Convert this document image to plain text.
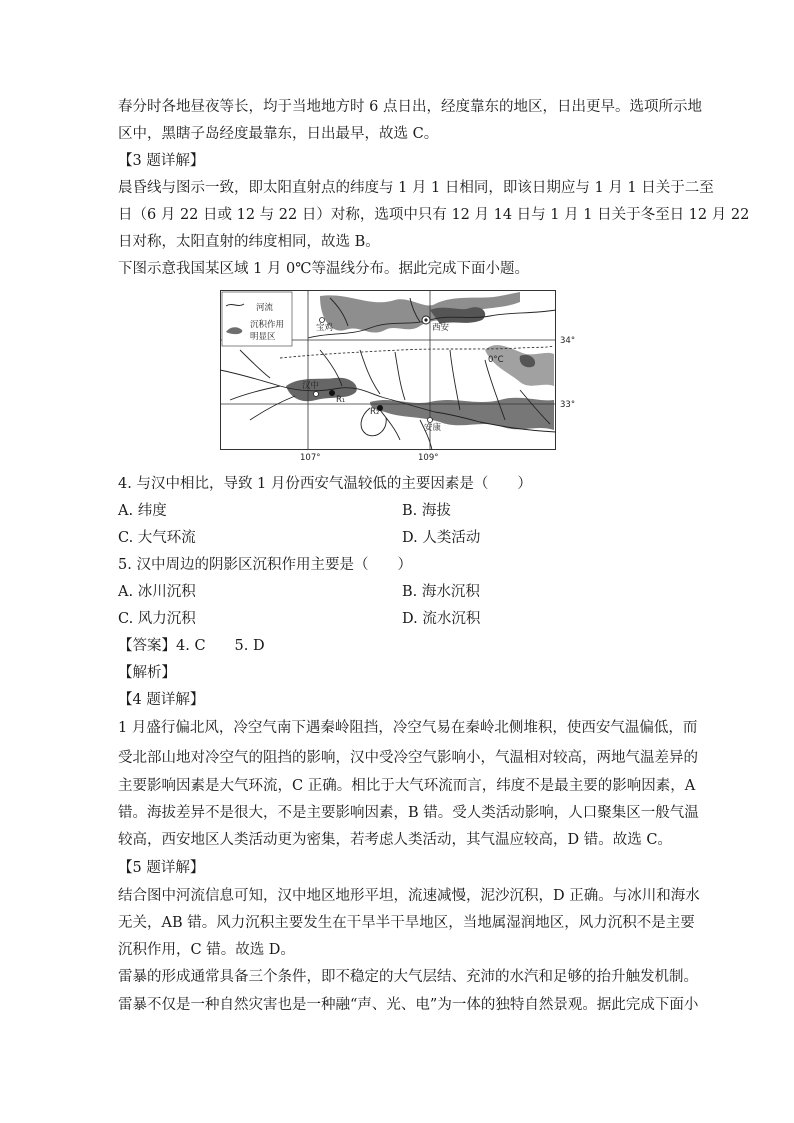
春分时各地昼夜等长，均于当地地方时 6 点日出，经度靠东的地区，日出更早。选项所示地
区中，黑瞎子岛经度最靠东，日出最早，故选 C。
【3 题详解】
晨昏线与图示一致，即太阳直射点的纬度与 1 月 1 日相同，即该日期应与 1 月 1 日关于二至
日（6 月 22 日或 12 与 22 日）对称，选项中只有 12 月 14 日与 1 月 1 日关于冬至日 12 月 22
日对称，太阳直射的纬度相同，故选 B。
下图示意我国某区域 1 月 0℃等温线分布。据此完成下面小题。
河流
沉积作用
明显区
宝鸡	西安
汉中
R₁
R₂
安康
0°C
34°
33°
107°	109°
4. 与汉中相比，导致 1 月份西安气温较低的主要因素是（　　）
A. 纬度	B. 海拔
C. 大气环流	D. 人类活动
5. 汉中周边的阴影区沉积作用主要是（　　）
A. 冰川沉积	B. 海水沉积
C. 风力沉积	D. 流水沉积
【答案】4. C　　5. D
【解析】
【4 题详解】
1 月盛行偏北风，冷空气南下遇秦岭阻挡，冷空气易在秦岭北侧堆积，使西安气温偏低，而
受北部山地对冷空气的阻挡的影响，汉中受冷空气影响小，气温相对较高，两地气温差异的
主要影响因素是大气环流，C 正确。相比于大气环流而言，纬度不是最主要的影响因素，A
错。海拔差异不是很大，不是主要影响因素，B 错。受人类活动影响，人口聚集区一般气温
较高，西安地区人类活动更为密集，若考虑人类活动，其气温应较高，D 错。故选 C。
【5 题详解】
结合图中河流信息可知，汉中地区地形平坦，流速减慢，泥沙沉积，D 正确。与冰川和海水
无关，AB 错。风力沉积主要发生在干旱半干旱地区，当地属湿润地区，风力沉积不是主要
沉积作用，C 错。故选 D。
雷暴的形成通常具备三个条件，即不稳定的大气层结、充沛的水汽和足够的抬升触发机制。
雷暴不仅是一种自然灾害也是一种融“声、光、电”为一体的独特自然景观。据此完成下面小
